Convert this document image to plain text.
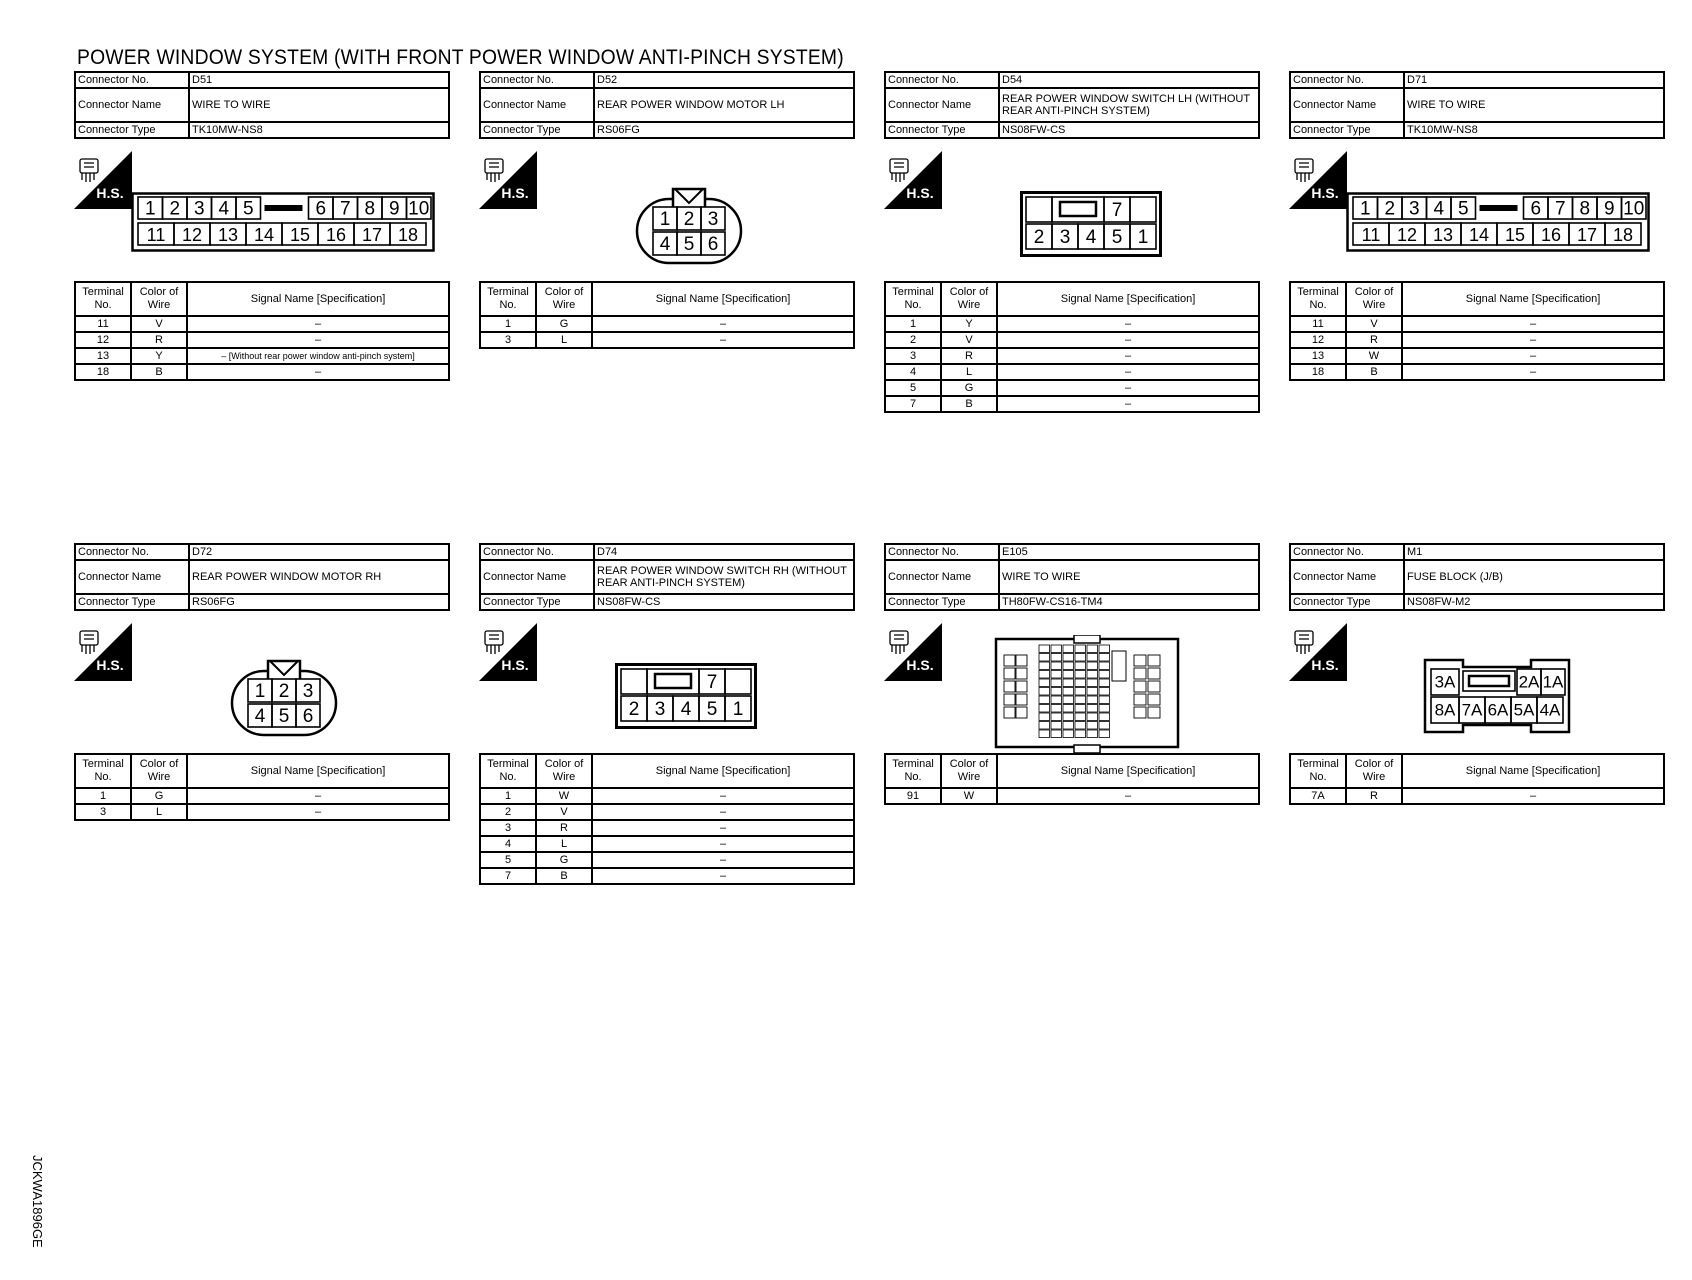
POWER WINDOW SYSTEM (WITH FRONT POWER WINDOW ANTI-PINCH SYSTEM)
Connector No.	D51
Connector Name	WIRE TO WIRE
Connector Type	TK10MW-NS8
H.S.
1 2 3 4 5	6 7 8 9 10
11 12 13 14 15 16 17 18
Terminal No.	Color of Wire	Signal Name [Specification]
11	V	–
12	R	–
13	Y	– [Without rear power window anti-pinch system]
18	B	–
Connector No.	D52
Connector Name	REAR POWER WINDOW MOTOR LH
Connector Type	RS06FG
H.S.
1 2 3
4 5 6
Terminal No.	Color of Wire	Signal Name [Specification]
1	G	–
3	L	–
Connector No.	D54
Connector Name	REAR POWER WINDOW SWITCH LH (WITHOUT REAR ANTI-PINCH SYSTEM)
Connector Type	NS08FW-CS
H.S.
7
2 3 4 5 1
Terminal No.	Color of Wire	Signal Name [Specification]
1	Y	–
2	V	–
3	R	–
4	L	–
5	G	–
7	B	–
Connector No.	D71
Connector Name	WIRE TO WIRE
Connector Type	TK10MW-NS8
H.S.
1 2 3 4 5	6 7 8 9 10
11 12 13 14 15 16 17 18
Terminal No.	Color of Wire	Signal Name [Specification]
11	V	–
12	R	–
13	W	–
18	B	–
Connector No.	D72
Connector Name	REAR POWER WINDOW MOTOR RH
Connector Type	RS06FG
H.S.
1 2 3
4 5 6
Terminal No.	Color of Wire	Signal Name [Specification]
1	G	–
3	L	–
Connector No.	D74
Connector Name	REAR POWER WINDOW SWITCH RH (WITHOUT REAR ANTI-PINCH SYSTEM)
Connector Type	NS08FW-CS
H.S.
7
2 3 4 5 1
Terminal No.	Color of Wire	Signal Name [Specification]
1	W	–
2	V	–
3	R	–
4	L	–
5	G	–
7	B	–
Connector No.	E105
Connector Name	WIRE TO WIRE
Connector Type	TH80FW-CS16-TM4
H.S.
Terminal No.	Color of Wire	Signal Name [Specification]
91	W	–
Connector No.	M1
Connector Name	FUSE BLOCK (J/B)
Connector Type	NS08FW-M2
H.S.
3A	2A 1A
8A 7A 6A 5A 4A
Terminal No.	Color of Wire	Signal Name [Specification]
7A	R	–
JCKWA1896GE
